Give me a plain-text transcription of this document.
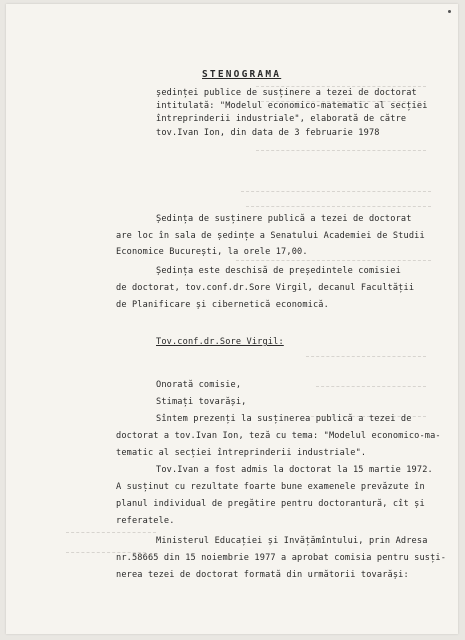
STENOGRAMA
ședinței publice de susținere a tezei de doctorat
intitulată: "Modelul economico-matematic al secției
întreprinderii industriale", elaborată de către
tov.Ivan Ion, din data de 3 februarie 1978
Ședința de susținere publică a tezei de doctorat
are loc în sala de ședințe a Senatului Academiei de Studii
Economice București, la orele 17,00.
Ședința este deschisă de președintele comisiei
de doctorat, tov.conf.dr.Sore Virgil, decanul Facultății
de Planificare și cibernetică economică.
Tov.conf.dr.Sore Virgil:
Onorată comisie,
Stimați tovarăși,
Sîntem prezenți la susținerea publică a tezei de
doctorat a tov.Ivan Ion, teză cu tema: "Modelul economico-ma-
tematic al secției întreprinderii industriale".
Tov.Ivan a fost admis la doctorat la 15 martie 1972.
A susținut cu rezultate foarte bune examenele prevăzute în
planul individual de pregătire pentru doctorantură, cît și
referatele.
Ministerul Educației și Invățămîntului, prin Adresa
nr.58665 din 15 noiembrie 1977 a aprobat comisia pentru susți-
nerea tezei de doctorat formată din următorii tovarăși:
